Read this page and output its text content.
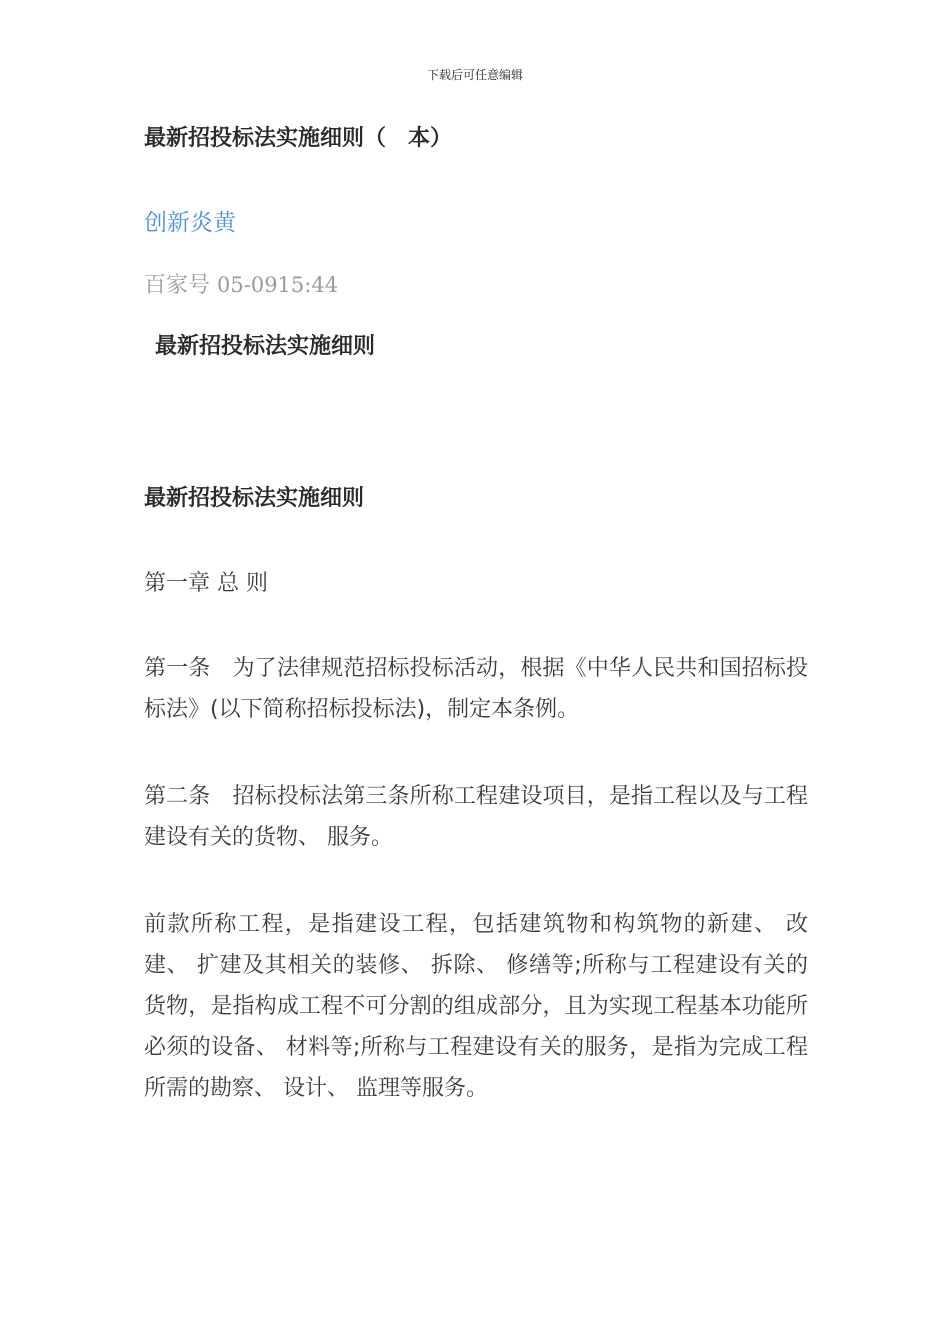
下载后可任意编辑
最新招投标法实施细则（　本）
创新炎黄
百家号 05-0915:44
最新招投标法实施细则
最新招投标法实施细则
第一章 总 则
第一条　为了法律规范招标投标活动，根据《中华人民共和国招标投标法》(以下简称招标投标法)，制定本条例。
第二条　招标投标法第三条所称工程建设项目，是指工程以及与工程建设有关的货物、 服务。
前款所称工程，是指建设工程，包括建筑物和构筑物的新建、 改建、 扩建及其相关的装修、 拆除、 修缮等;所称与工程建设有关的货物，是指构成工程不可分割的组成部分，且为实现工程基本功能所必须的设备、 材料等;所称与工程建设有关的服务，是指为完成工程所需的勘察、 设计、 监理等服务。
